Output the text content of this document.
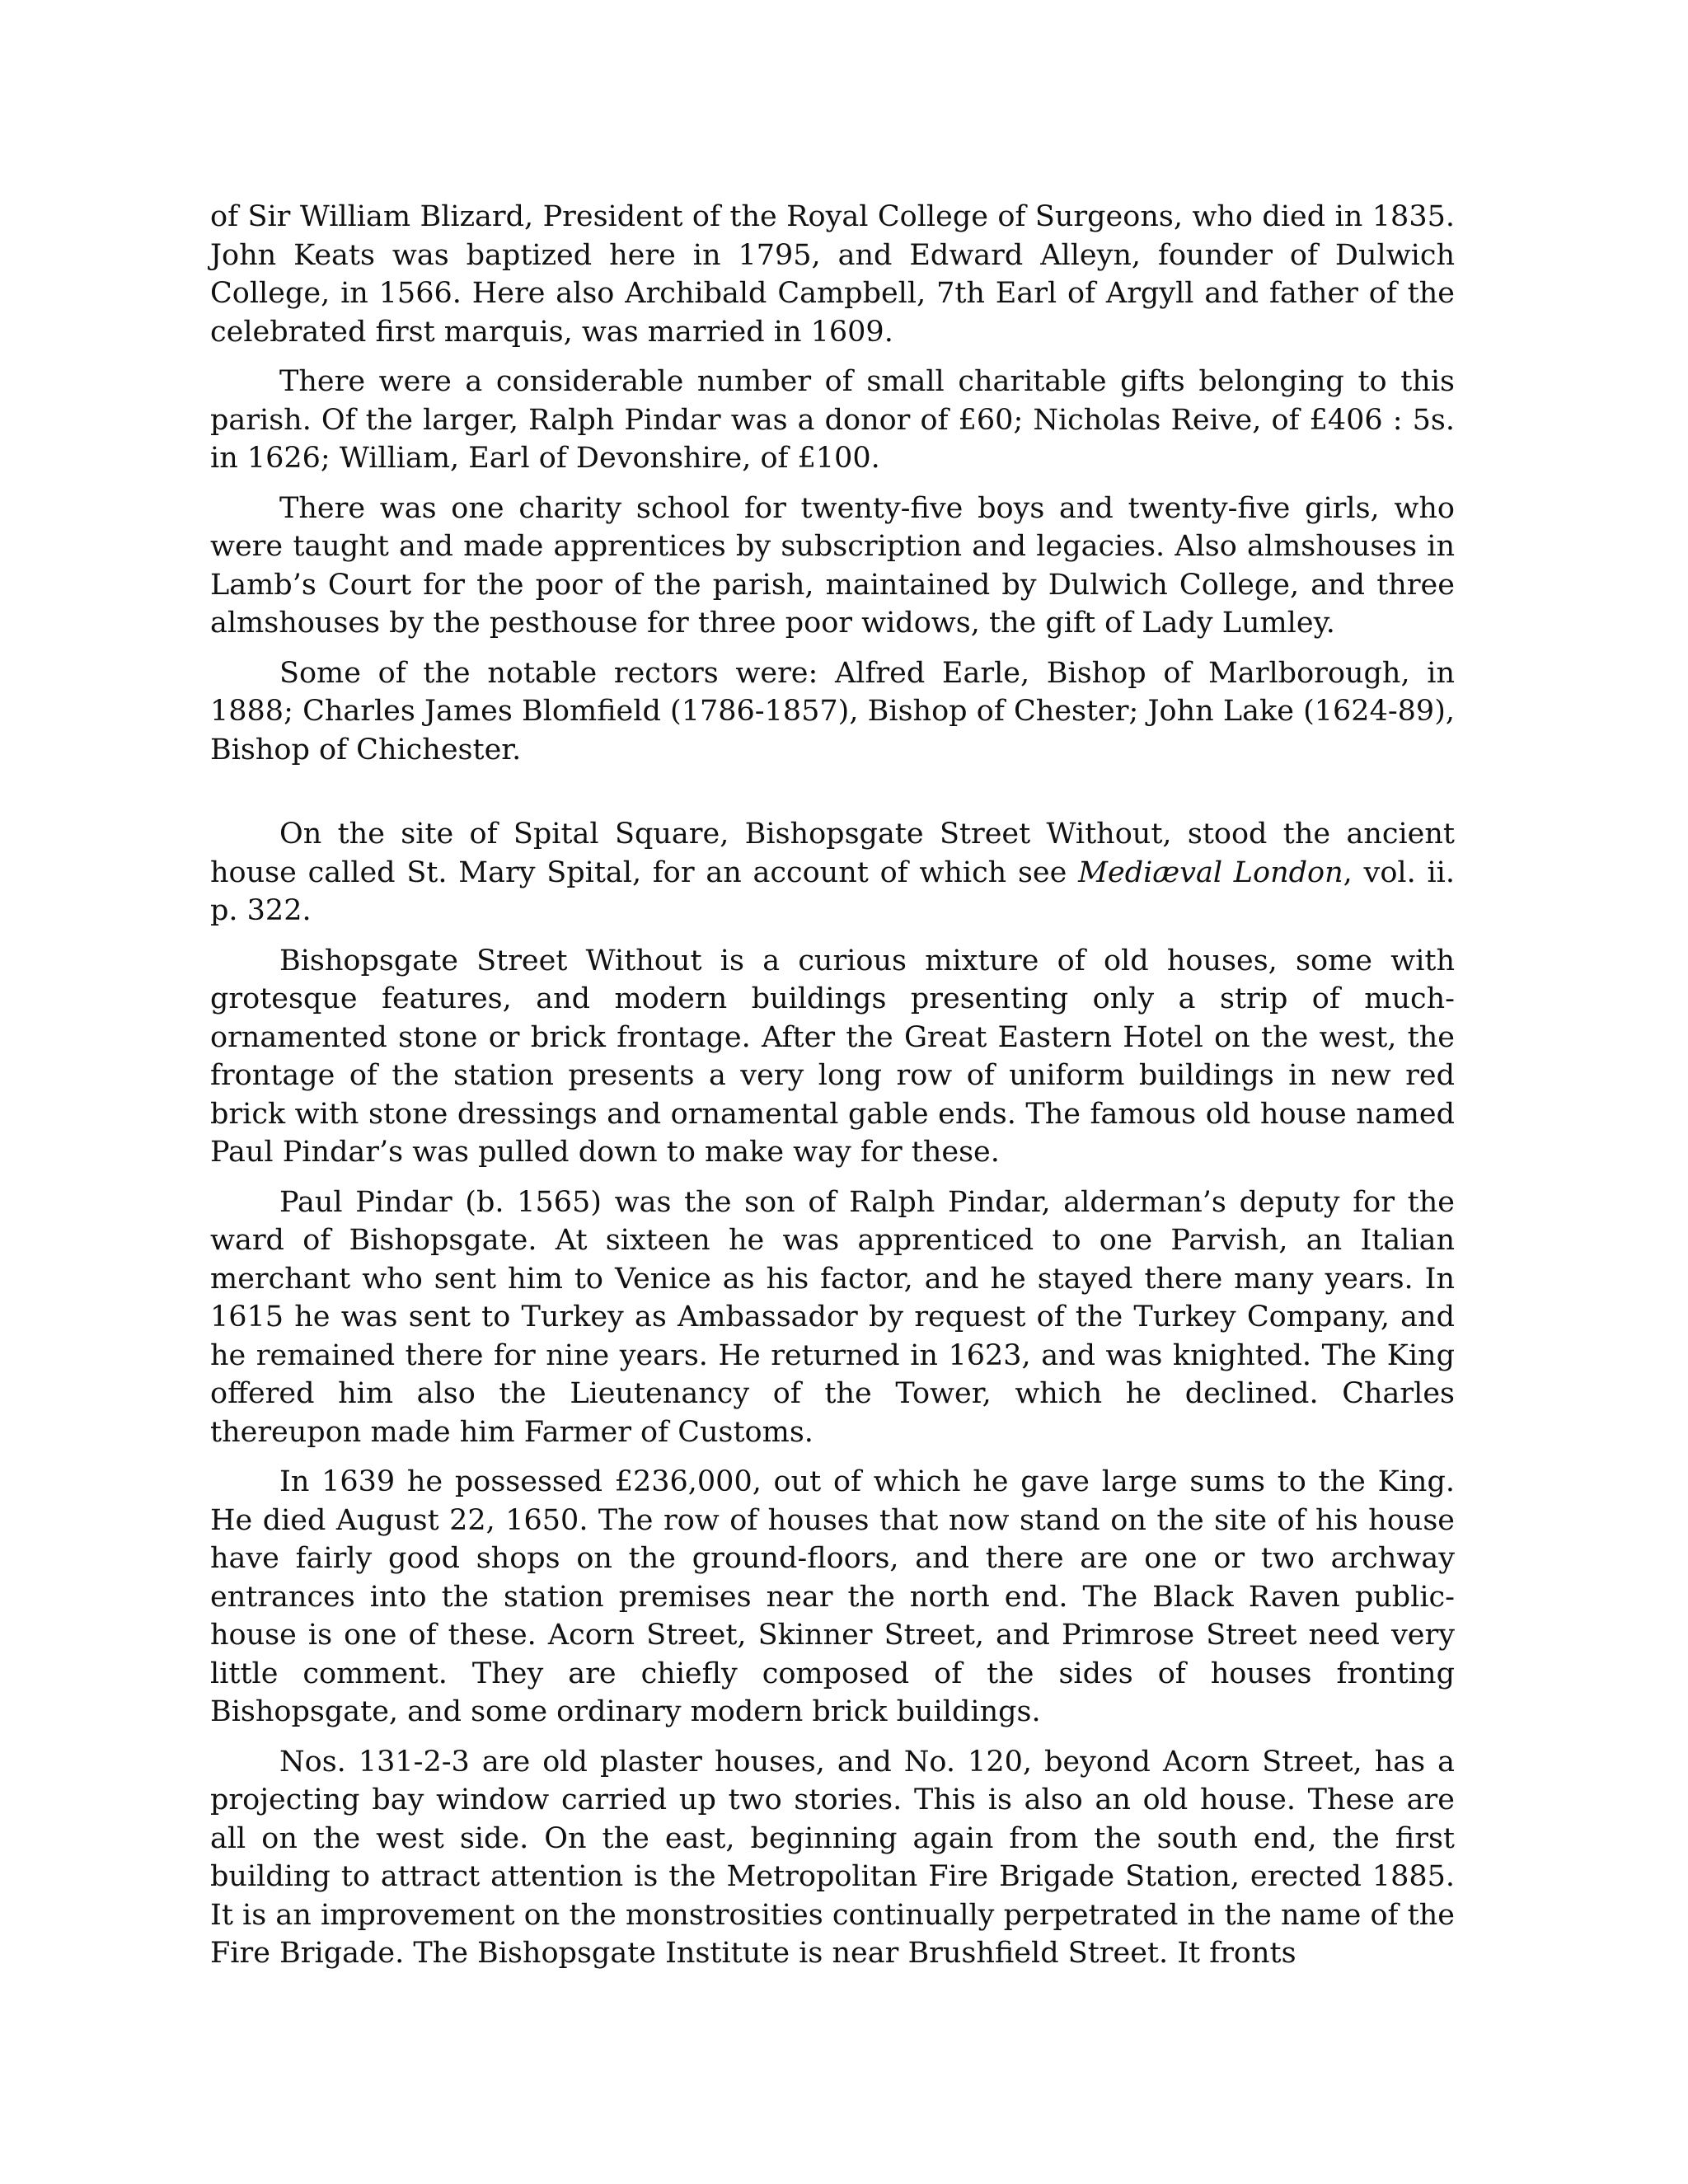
of Sir William Blizard, President of the Royal College of Surgeons, who died in 1835. John Keats was baptized here in 1795, and Edward Alleyn, founder of Dulwich College, in 1566. Here also Archibald Campbell, 7th Earl of Argyll and father of the celebrated first marquis, was married in 1609.

There were a considerable number of small charitable gifts belonging to this parish. Of the larger, Ralph Pindar was a donor of £60; Nicholas Reive, of £406 : 5s. in 1626; William, Earl of Devonshire, of £100.

There was one charity school for twenty-five boys and twenty-five girls, who were taught and made apprentices by subscription and legacies. Also almshouses in Lamb’s Court for the poor of the parish, maintained by Dulwich College, and three almshouses by the pesthouse for three poor widows, the gift of Lady Lumley.

Some of the notable rectors were: Alfred Earle, Bishop of Marlborough, in 1888; Charles James Blomfield (1786-1857), Bishop of Chester; John Lake (1624-89), Bishop of Chichester.

On the site of Spital Square, Bishopsgate Street Without, stood the ancient house called St. Mary Spital, for an account of which see Mediæval London, vol. ii. p. 322.

Bishopsgate Street Without is a curious mixture of old houses, some with grotesque features, and modern buildings presenting only a strip of much-ornamented stone or brick frontage. After the Great Eastern Hotel on the west, the frontage of the station presents a very long row of uniform buildings in new red brick with stone dressings and ornamental gable ends. The famous old house named Paul Pindar’s was pulled down to make way for these.

Paul Pindar (b. 1565) was the son of Ralph Pindar, alderman’s deputy for the ward of Bishopsgate. At sixteen he was apprenticed to one Parvish, an Italian merchant who sent him to Venice as his factor, and he stayed there many years. In 1615 he was sent to Turkey as Ambassador by request of the Turkey Company, and he remained there for nine years. He returned in 1623, and was knighted. The King offered him also the Lieutenancy of the Tower, which he declined. Charles thereupon made him Farmer of Customs.

In 1639 he possessed £236,000, out of which he gave large sums to the King. He died August 22, 1650. The row of houses that now stand on the site of his house have fairly good shops on the ground-floors, and there are one or two archway entrances into the station premises near the north end. The Black Raven public-house is one of these. Acorn Street, Skinner Street, and Primrose Street need very little comment. They are chiefly composed of the sides of houses fronting Bishopsgate, and some ordinary modern brick buildings.

Nos. 131-2-3 are old plaster houses, and No. 120, beyond Acorn Street, has a projecting bay window carried up two stories. This is also an old house. These are all on the west side. On the east, beginning again from the south end, the first building to attract attention is the Metropolitan Fire Brigade Station, erected 1885. It is an improvement on the monstrosities continually perpetrated in the name of the Fire Brigade. The Bishopsgate Institute is near Brushfield Street. It fronts
